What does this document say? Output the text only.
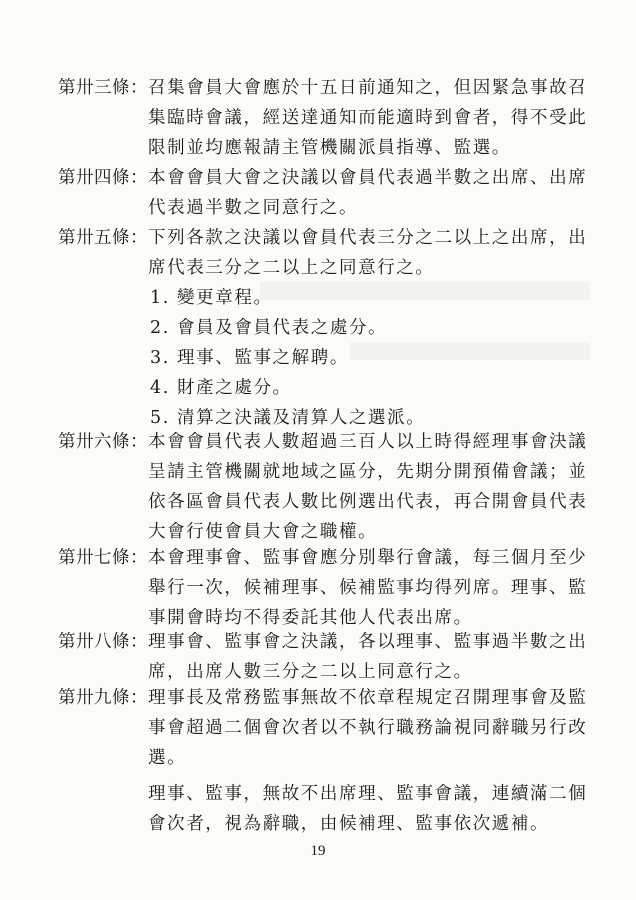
第卅三條： 召集會員大會應於十五日前通知之，但因緊急事故召
集臨時會議，經送達通知而能適時到會者，得不受此
限制並均應報請主管機關派員指導、監選。
第卅四條： 本會會員大會之決議以會員代表過半數之出席、出席
代表過半數之同意行之。
第卅五條： 下列各款之決議以會員代表三分之二以上之出席，出
席代表三分之二以上之同意行之。
1. 變更章程。
2. 會員及會員代表之處分。
3. 理事、監事之解聘。
4. 財產之處分。
5. 清算之決議及清算人之選派。
第卅六條： 本會會員代表人數超過三百人以上時得經理事會決議
呈請主管機關就地域之區分，先期分開預備會議；並
依各區會員代表人數比例選出代表，再合開會員代表
大會行使會員大會之職權。
第卅七條： 本會理事會、監事會應分別舉行會議，每三個月至少
舉行一次，候補理事、候補監事均得列席。理事、監
事開會時均不得委託其他人代表出席。
第卅八條： 理事會、監事會之決議，各以理事、監事過半數之出
席，出席人數三分之二以上同意行之。
第卅九條： 理事長及常務監事無故不依章程規定召開理事會及監
事會超過二個會次者以不執行職務論視同辭職另行改
選。
理事、監事，無故不出席理、監事會議，連續滿二個
會次者，視為辭職，由候補理、監事依次遞補。
19
